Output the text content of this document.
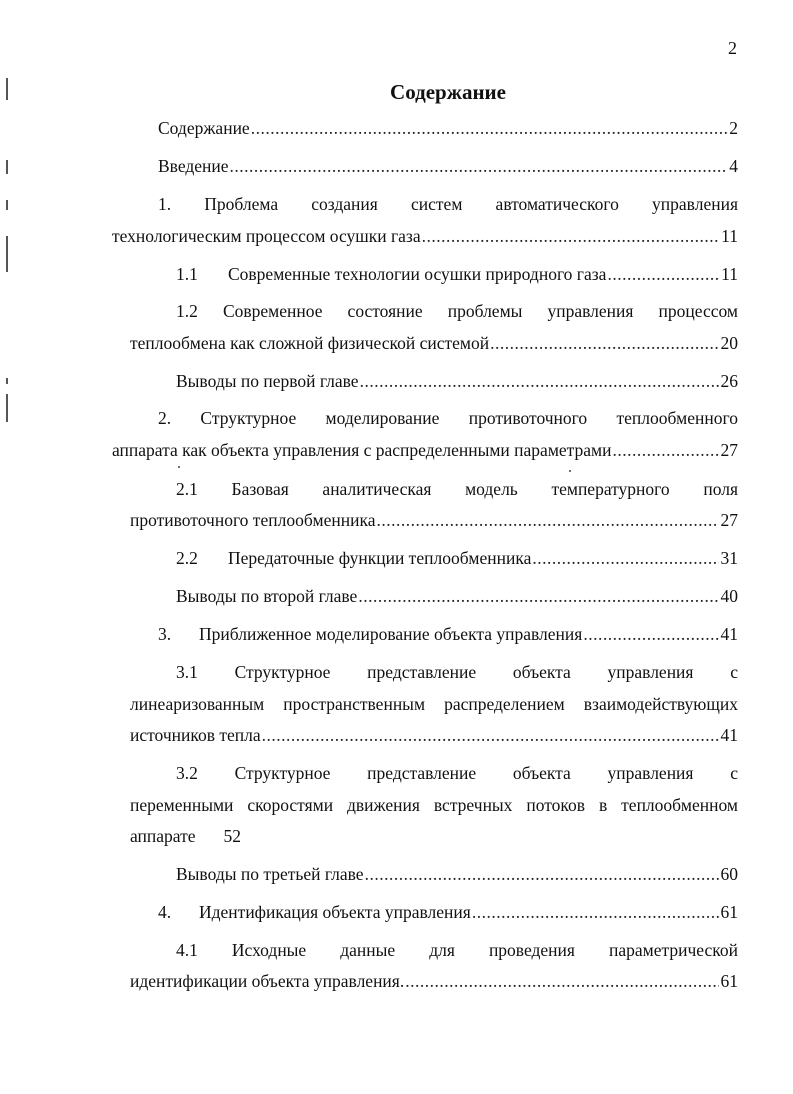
2
Содержание
Содержание .....	2
Введение .....	4
1. Проблема создания систем автоматического управления
технологическим процессом осушки газа .....	11
1.1	Современные технологии осушки природного газа .....	11
1.2 Современное состояние проблемы управления процессом
теплообмена как сложной физической системой .....	20
Выводы по первой главе .....	26
2. Структурное моделирование противоточного теплообменного
аппарата как объекта управления с распределенными параметрами .....	27
2.1 Базовая аналитическая модель температурного поля
противоточного теплообменника .....	27
2.2	Передаточные функции теплообменника .....	31
Выводы по второй главе .....	40
3.	Приближенное моделирование объекта управления .....	41
3.1 Структурное представление объекта управления с
линеаризованным пространственным распределением взаимодействующих
источников тепла .....	41
3.2 Структурное представление объекта управления с
переменными скоростями движения встречных потоков в теплообменном
аппарате 52
Выводы по третьей главе .....	60
4.	Идентификация объекта управления .....	61
4.1 Исходные данные для проведения параметрической
идентификации объекта управления. .....	61
